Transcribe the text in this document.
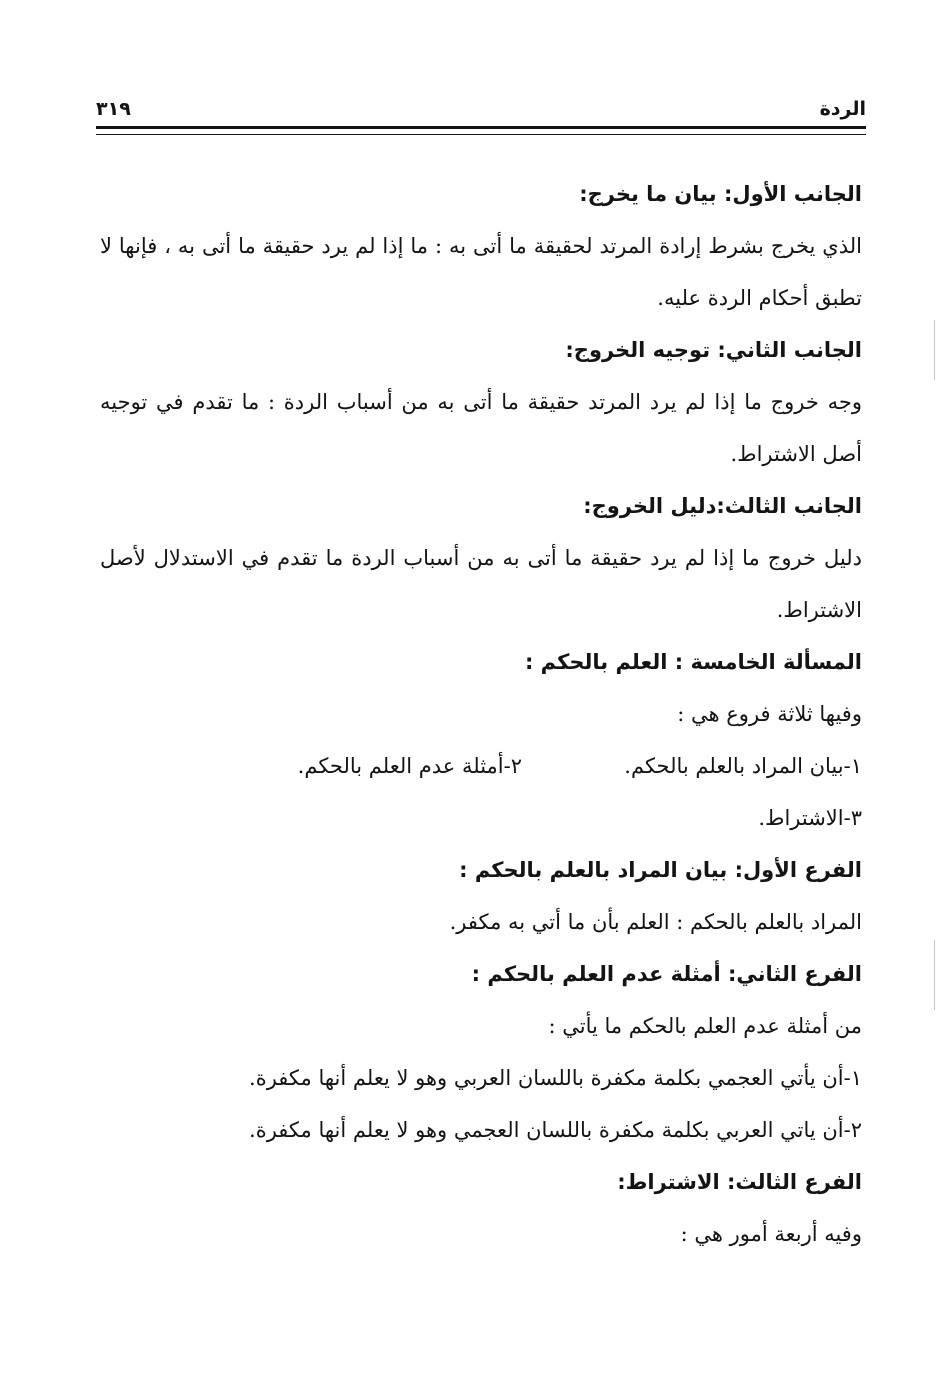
٣١٩	الردة

الجانب الأول: بيان ما يخرج:

الذي يخرج بشرط إرادة المرتد لحقيقة ما أتى به : ما إذا لم يرد حقيقة ما أتى به ، فإنها لا تطبق أحكام الردة عليه.

الجانب الثاني: توجيه الخروج:

وجه خروج ما إذا لم يرد المرتد حقيقة ما أتى به من أسباب الردة : ما تقدم في توجيه أصل الاشتراط.

الجانب الثالث:دليل الخروج:

دليل خروج ما إذا لم يرد حقيقة ما أتى به من أسباب الردة ما تقدم في الاستدلال لأصل الاشتراط.

المسألة الخامسة : العلم بالحكم :

وفيها ثلاثة فروع هي :

١-بيان المراد بالعلم بالحكم.
٢-أمثلة عدم العلم بالحكم.

٣-الاشتراط.

الفرع الأول: بيان المراد بالعلم بالحكم :

المراد بالعلم بالحكم : العلم بأن ما أتي به مكفر.

الفرع الثاني: أمثلة عدم العلم بالحكم :

من أمثلة عدم العلم بالحكم ما يأتي :

١-أن يأتي العجمي بكلمة مكفرة باللسان العربي وهو لا يعلم أنها مكفرة.

٢-أن ياتي العربي بكلمة مكفرة باللسان العجمي وهو لا يعلم أنها مكفرة.

الفرع الثالث: الاشتراط:

وفيه أربعة أمور هي :
